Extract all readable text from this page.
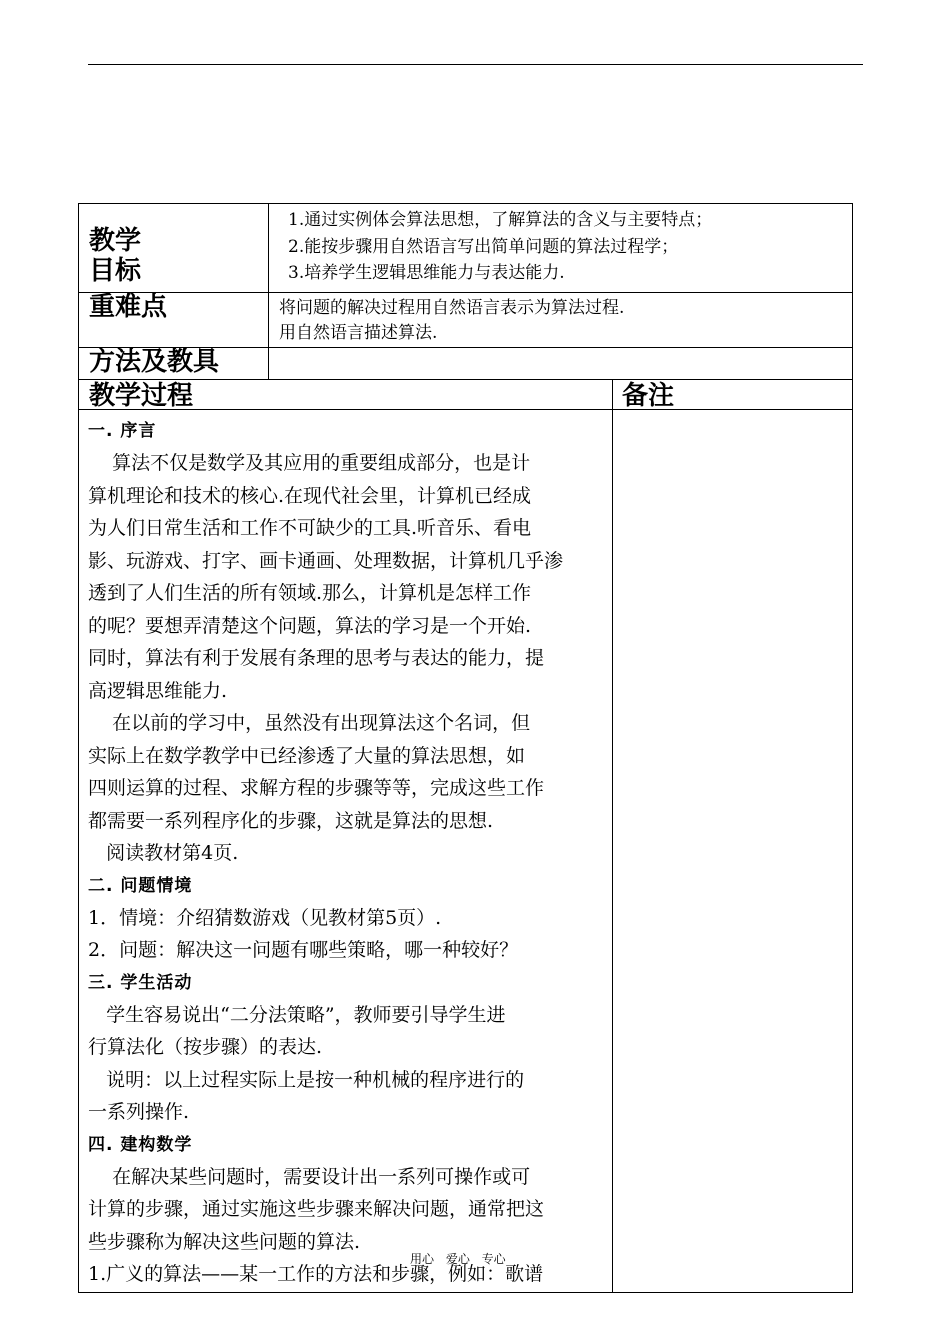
教学
目标
1.通过实例体会算法思想，了解算法的含义与主要特点；
2.能按步骤用自然语言写出简单问题的算法过程学；
3.培养学生逻辑思维能力与表达能力.
重难点	将问题的解决过程用自然语言表示为算法过程.
用自然语言描述算法.
方法及教具
教学过程	备注

一. 序言

算法不仅是数学及其应用的重要组成部分，也是计

算机理论和技术的核心.在现代社会里，计算机已经成

为人们日常生活和工作不可缺少的工具.听音乐、看电

影、玩游戏、打字、画卡通画、处理数据，计算机几乎渗

透到了人们生活的所有领域.那么，计算机是怎样工作

的呢？要想弄清楚这个问题，算法的学习是一个开始.

同时，算法有利于发展有条理的思考与表达的能力，提

高逻辑思维能力.

在以前的学习中，虽然没有出现算法这个名词，但

实际上在数学教学中已经渗透了大量的算法思想，如

四则运算的过程、求解方程的步骤等等，完成这些工作

都需要一系列程序化的步骤，这就是算法的思想.

阅读教材第4页.

二. 问题情境

1．情境：介绍猜数游戏（见教材第5页）.

2．问题：解决这一问题有哪些策略，哪一种较好？

三. 学生活动

学生容易说出“二分法策略”，教师要引导学生进

行算法化（按步骤）的表达.

说明：以上过程实际上是按一种机械的程序进行的

一系列操作.

四. 建构数学

在解决某些问题时，需要设计出一系列可操作或可

计算的步骤，通过实施这些步骤来解决问题，通常把这

些步骤称为解决这些问题的算法.

1.广义的算法——某一工作的方法和步骤，例如：歌谱

用心 爱心 专心
